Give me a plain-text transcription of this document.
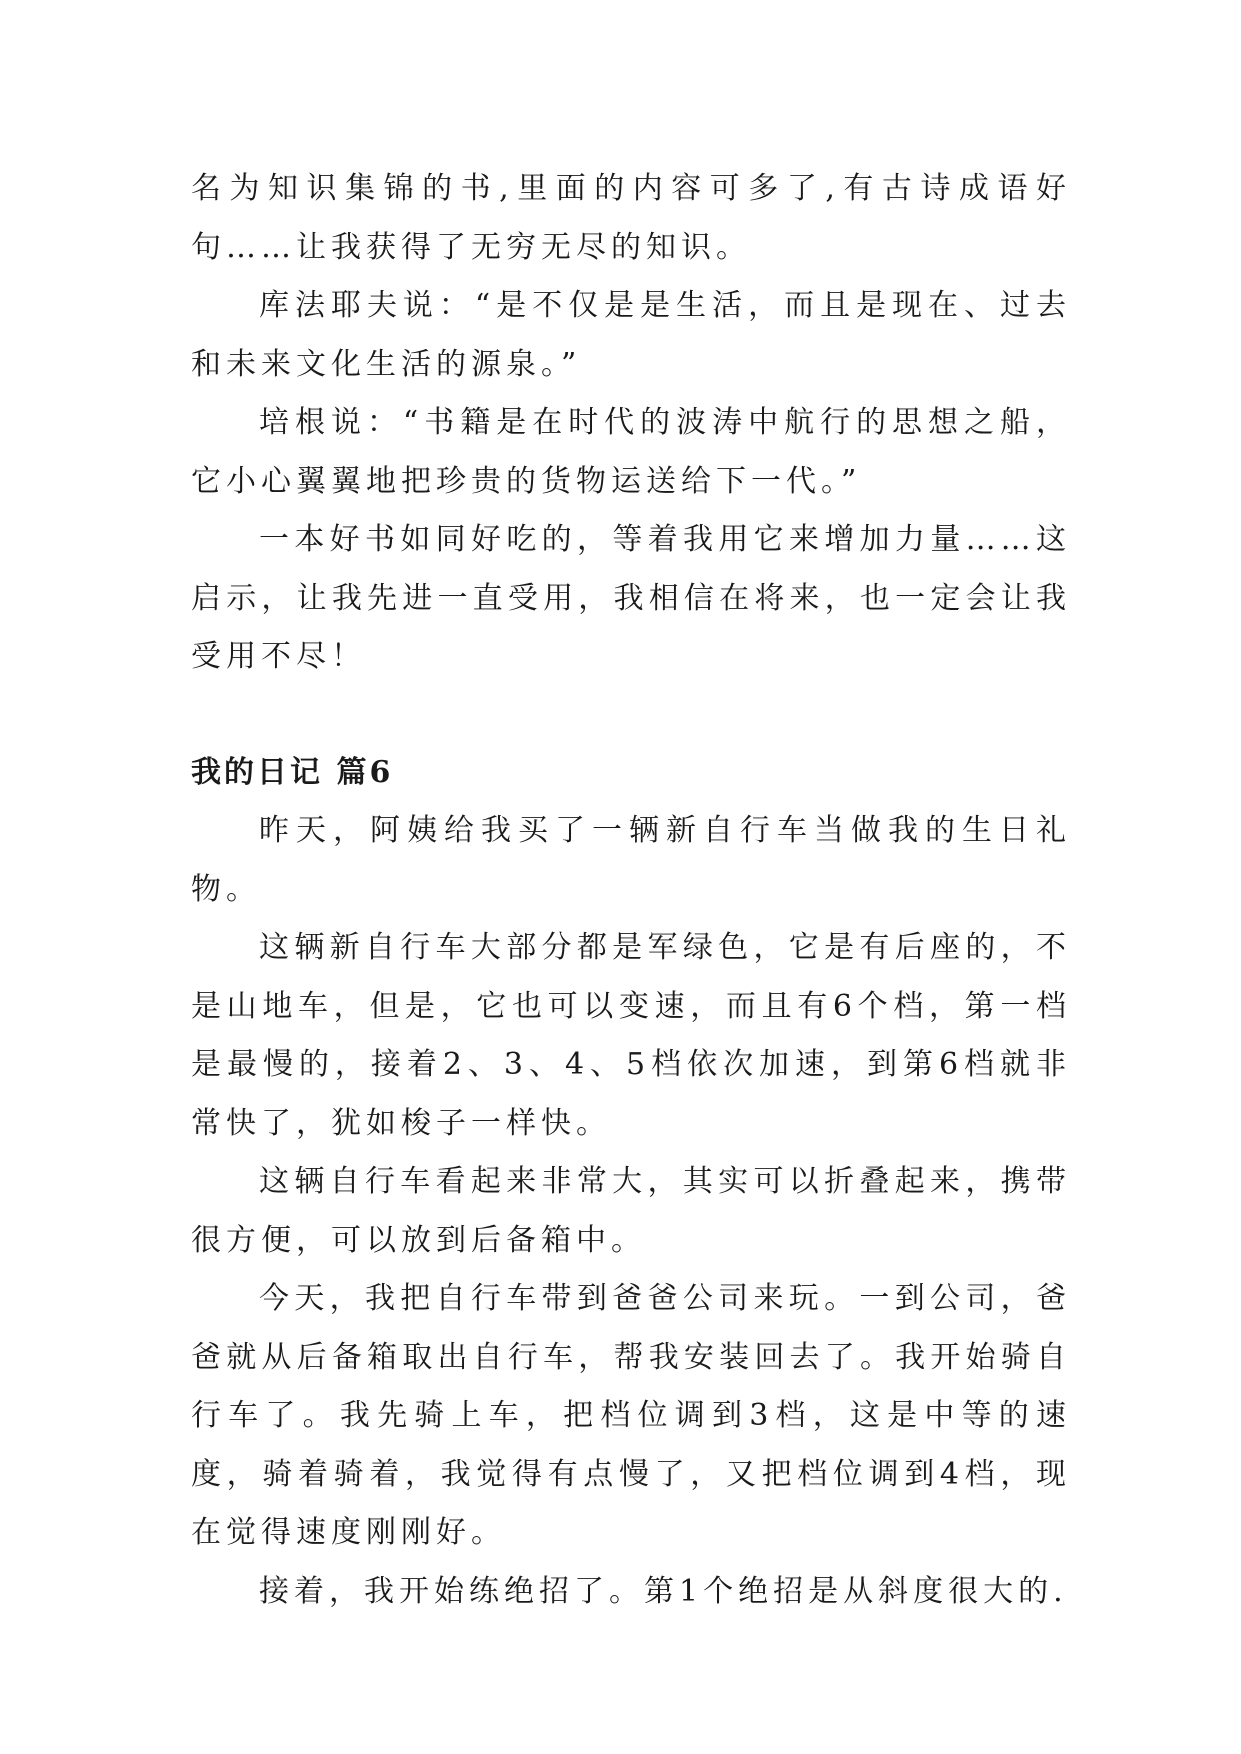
名为知识集锦的书,里面的内容可多了,有古诗成语好句……让我获得了无穷无尽的知识。

库法耶夫说：“是不仅是是生活，而且是现在、过去和未来文化生活的源泉。”

培根说：“书籍是在时代的波涛中航行的思想之船，它小心翼翼地把珍贵的货物运送给下一代。”

一本好书如同好吃的，等着我用它来增加力量……这启示，让我先进一直受用，我相信在将来，也一定会让我受用不尽！

我的日记 篇6

昨天，阿姨给我买了一辆新自行车当做我的生日礼物。

这辆新自行车大部分都是军绿色，它是有后座的，不是山地车，但是，它也可以变速，而且有6个档，第一档是最慢的，接着2、3、4、5档依次加速，到第6档就非常快了，犹如梭子一样快。

这辆自行车看起来非常大，其实可以折叠起来，携带很方便，可以放到后备箱中。

今天，我把自行车带到爸爸公司来玩。一到公司，爸爸就从后备箱取出自行车，帮我安装回去了。我开始骑自行车了。我先骑上车，把档位调到3档，这是中等的速度，骑着骑着，我觉得有点慢了，又把档位调到4档，现在觉得速度刚刚好。

接着，我开始练绝招了。第1个绝招是从斜度很大的.
